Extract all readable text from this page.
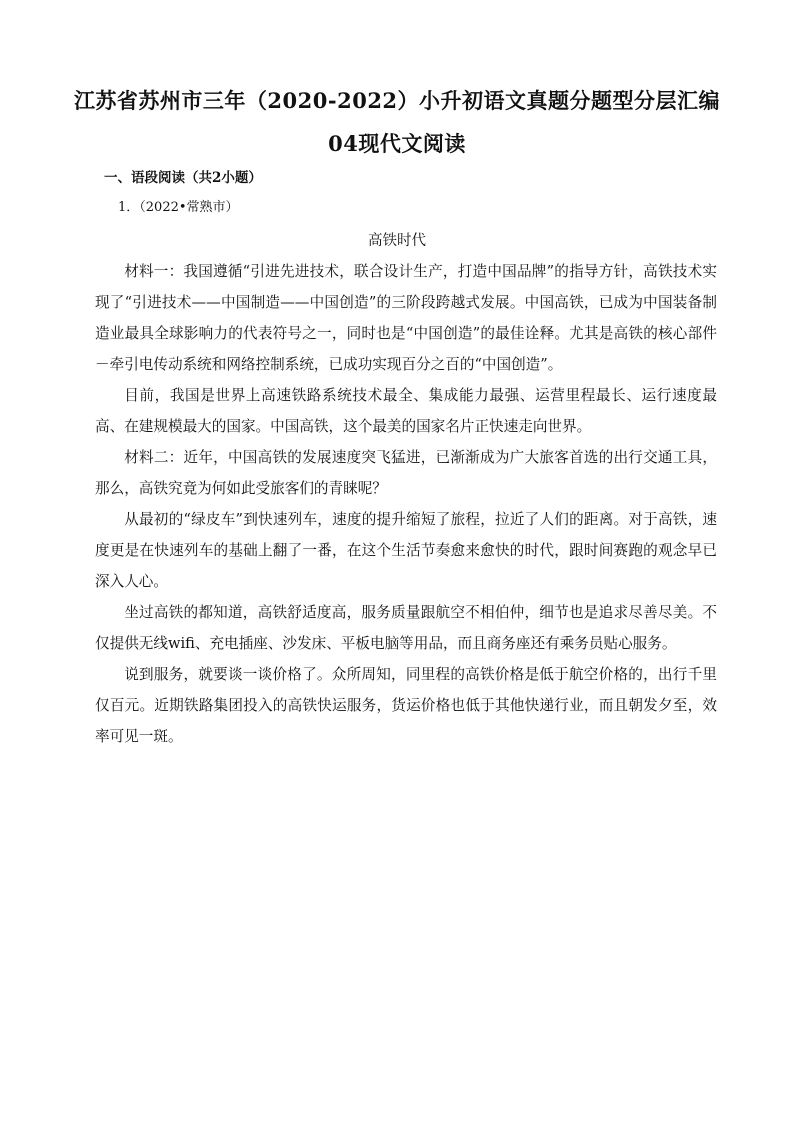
江苏省苏州市三年（2020-2022）小升初语文真题分题型分层汇编
04现代文阅读
一、语段阅读（共2小题）
1．（2022•常熟市）
高铁时代

材料一：我国遵循“引进先进技术，联合设计生产，打造中国品牌”的指导方针，高铁技术实现了“引进技术——中国制造——中国创造”的三阶段跨越式发展。中国高铁，已成为中国装备制造业最具全球影响力的代表符号之一，同时也是“中国创造”的最佳诠释。尤其是高铁的核心部件－牵引电传动系统和网络控制系统，已成功实现百分之百的“中国创造”。

目前，我国是世界上高速铁路系统技术最全、集成能力最强、运营里程最长、运行速度最高、在建规模最大的国家。中国高铁，这个最美的国家名片正快速走向世界。

材料二：近年，中国高铁的发展速度突飞猛进，已渐渐成为广大旅客首选的出行交通工具，那么，高铁究竟为何如此受旅客们的青睐呢？

从最初的“绿皮车”到快速列车，速度的提升缩短了旅程，拉近了人们的距离。对于高铁，速度更是在快速列车的基础上翻了一番，在这个生活节奏愈来愈快的时代，跟时间赛跑的观念早已深入人心。

坐过高铁的都知道，高铁舒适度高，服务质量跟航空不相伯仲，细节也是追求尽善尽美。不仅提供无线wifi、充电插座、沙发床、平板电脑等用品，而且商务座还有乘务员贴心服务。

说到服务，就要谈一谈价格了。众所周知，同里程的高铁价格是低于航空价格的，出行千里仅百元。近期铁路集团投入的高铁快运服务，货运价格也低于其他快递行业，而且朝发夕至，效率可见一斑。
